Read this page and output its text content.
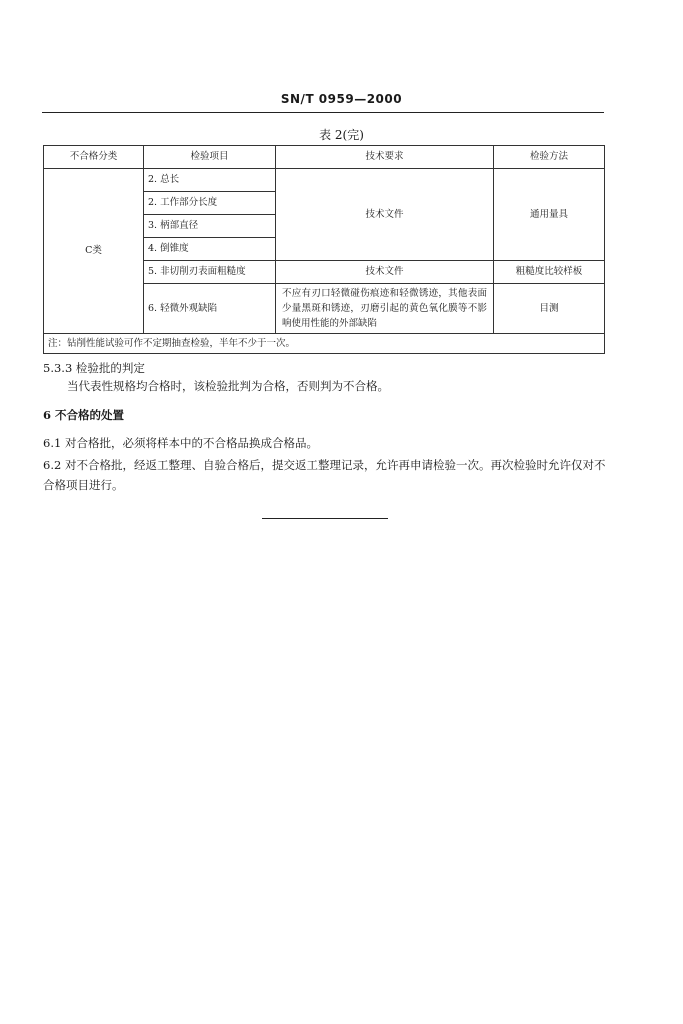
SN/T 0959—2000
表 2(完)
不合格分类	检验项目	技术要求	检验方法
C类	2. 总长	技术文件	通用量具
	2. 工作部分长度		
	3. 柄部直径		
	4. 倒锥度		
	5. 非切削刃表面粗糙度	技术文件	粗糙度比较样板
	6. 轻微外观缺陷	不应有刃口轻微碰伤痕迹和轻微锈迹，其他表面少量黑斑和锈迹，刃磨引起的黄色氧化膜等不影响使用性能的外部缺陷	目测
注：钻削性能试验可作不定期抽查检验，半年不少于一次。			
5.3.3 检验批的判定
当代表性规格均合格时，该检验批判为合格，否则判为不合格。
6 不合格的处置
6.1 对合格批，必须将样本中的不合格品换成合格品。
6.2 对不合格批，经返工整理、自验合格后，提交返工整理记录，允许再申请检验一次。再次检验时允许仅对不合格项目进行。
